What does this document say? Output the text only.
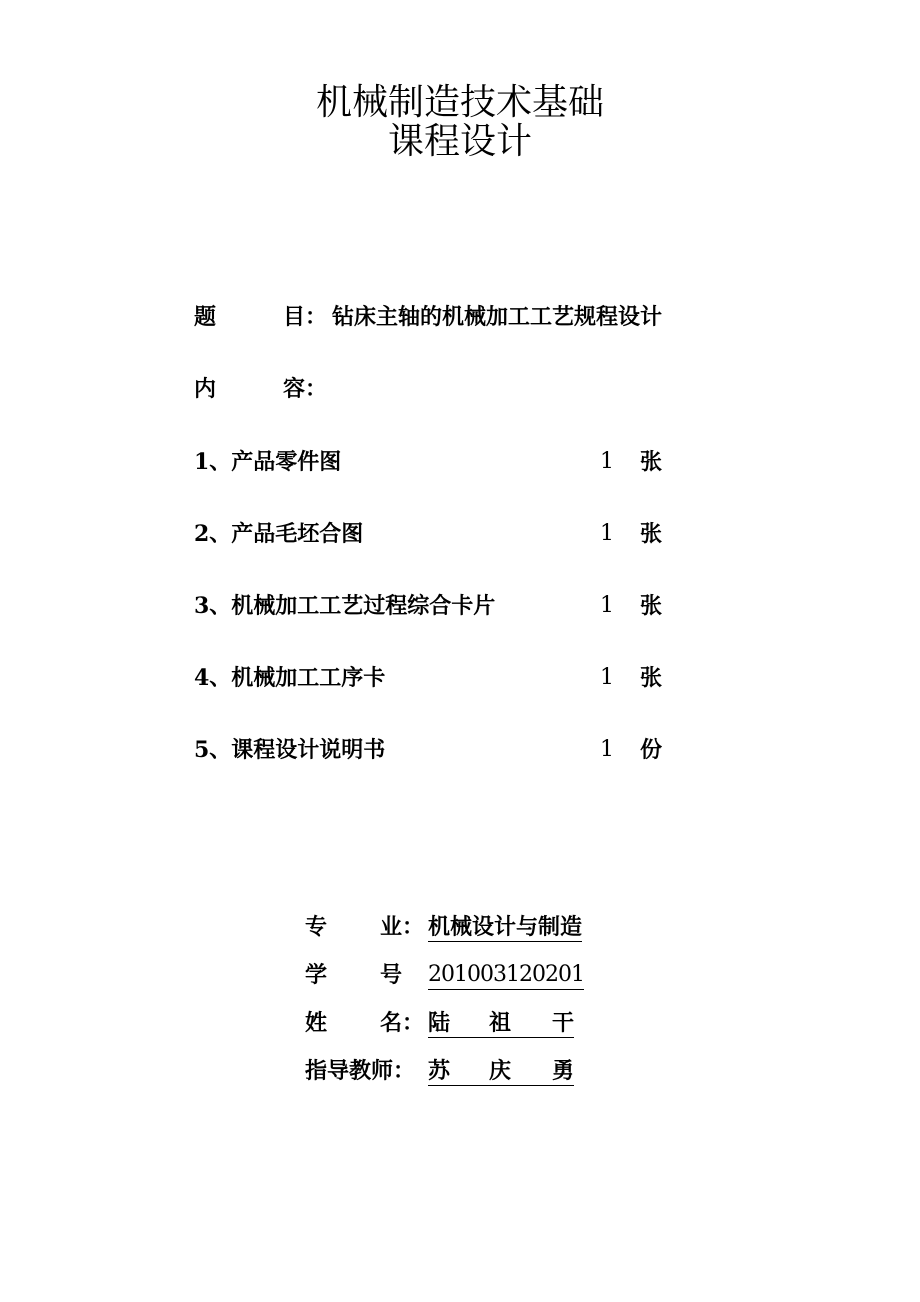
机械制造技术基础
课程设计
题	目： 钻床主轴的机械加工工艺规程设计
内	容：
1、产品零件图	1 张
2、产品毛坯合图	1 张
3、机械加工工艺过程综合卡片	1 张
4、机械加工工序卡	1 张
5、课程设计说明书	1 份
专 业： 机械设计与制造
学 号 201003120201
姓 名： 陆 祖 干
指导教师： 苏 庆 勇
